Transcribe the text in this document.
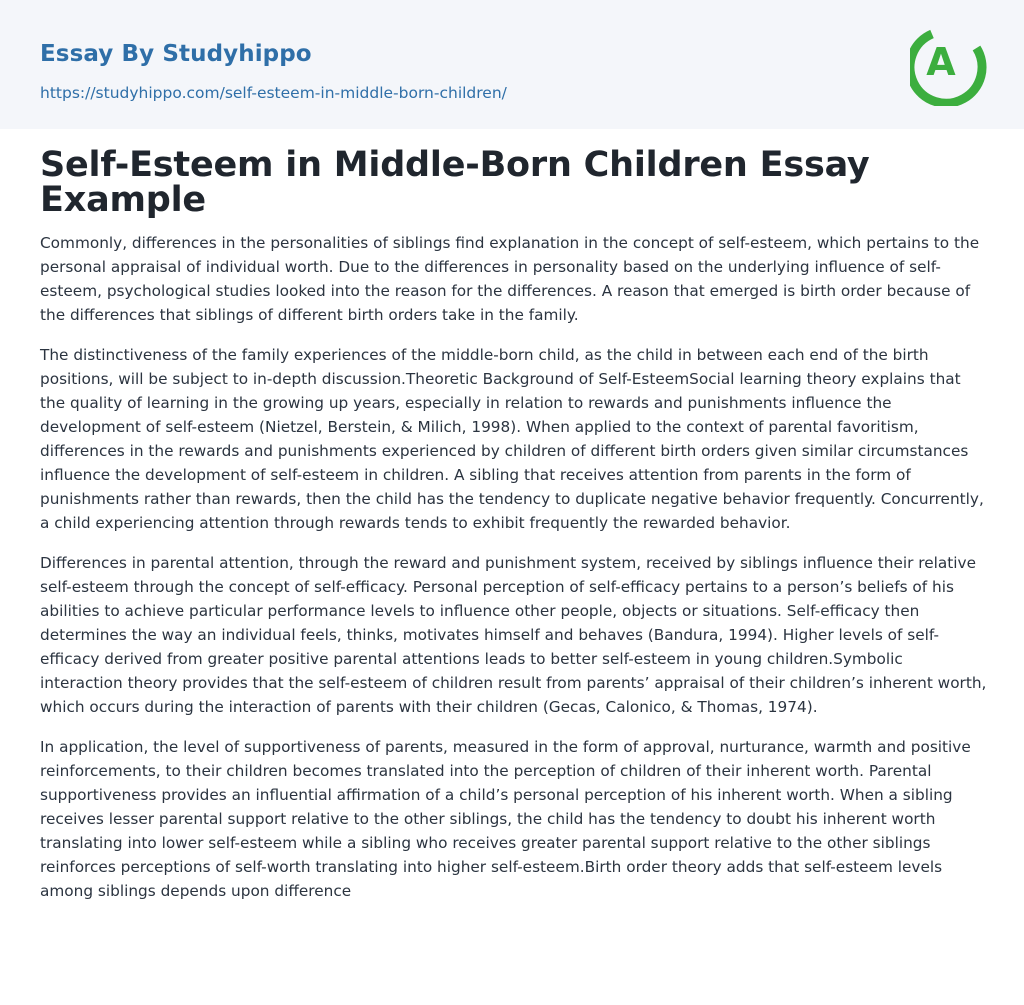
Essay By Studyhippo
https://studyhippo.com/self-esteem-in-middle-born-children/
A
Self-Esteem in Middle-Born Children Essay Example

Commonly, differences in the personalities of siblings find explanation in the concept of self-esteem, which pertains to the personal appraisal of individual worth. Due to the differences in personality based on the underlying influence of self-esteem, psychological studies looked into the reason for the differences. A reason that emerged is birth order because of the differences that siblings of different birth orders take in the family.

The distinctiveness of the family experiences of the middle-born child, as the child in between each end of the birth positions, will be subject to in-depth discussion.Theoretic Background of Self-EsteemSocial learning theory explains that the quality of learning in the growing up years, especially in relation to rewards and punishments influence the development of self-esteem (Nietzel, Berstein, & Milich, 1998). When applied to the context of parental favoritism, differences in the rewards and punishments experienced by children of different birth orders given similar circumstances influence the development of self-esteem in children. A sibling that receives attention from parents in the form of punishments rather than rewards, then the child has the tendency to duplicate negative behavior frequently. Concurrently, a child experiencing attention through rewards tends to exhibit frequently the rewarded behavior.

Differences in parental attention, through the reward and punishment system, received by siblings influence their relative self-esteem through the concept of self-efficacy. Personal perception of self-efficacy pertains to a person’s beliefs of his abilities to achieve particular performance levels to influence other people, objects or situations. Self-efficacy then determines the way an individual feels, thinks, motivates himself and behaves (Bandura, 1994). Higher levels of self-efficacy derived from greater positive parental attentions leads to better self-esteem in young children.Symbolic interaction theory provides that the self-esteem of children result from parents’ appraisal of their children’s inherent worth, which occurs during the interaction of parents with their children (Gecas, Calonico, & Thomas, 1974).

In application, the level of supportiveness of parents, measured in the form of approval, nurturance, warmth and positive reinforcements, to their children becomes translated into the perception of children of their inherent worth. Parental supportiveness provides an influential affirmation of a child’s personal perception of his inherent worth. When a sibling receives lesser parental support relative to the other siblings, the child has the tendency to doubt his inherent worth translating into lower self-esteem while a sibling who receives greater parental support relative to the other siblings reinforces perceptions of self-worth translating into higher self-esteem.Birth order theory adds that self-esteem levels among siblings depends upon difference
